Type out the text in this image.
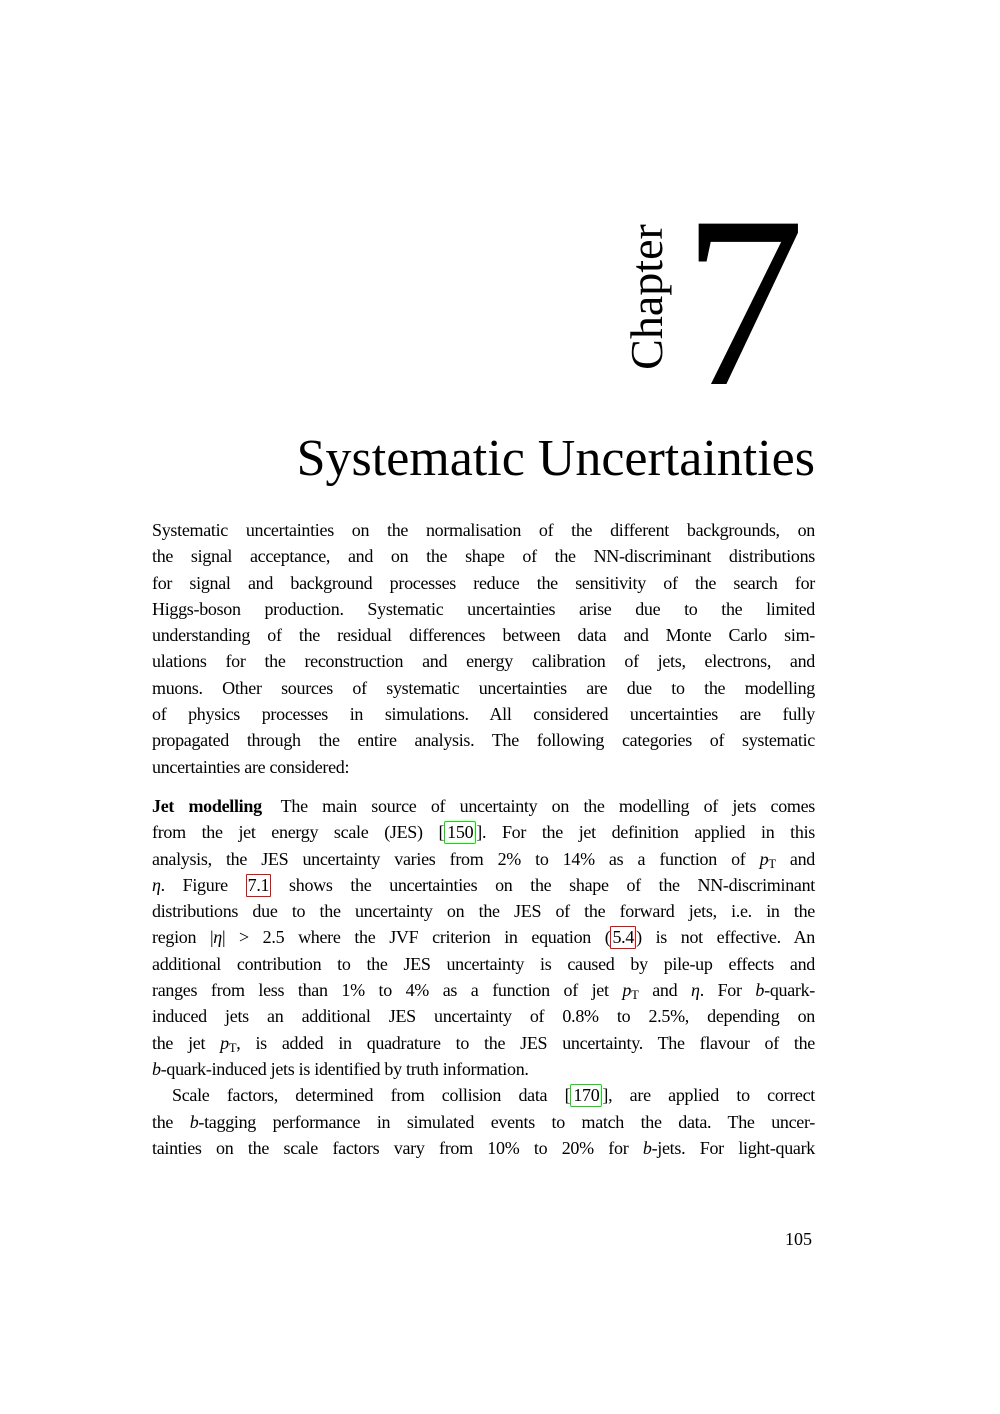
Chapter 7
Systematic Uncertainties
Systematic uncertainties on the normalisation of the different backgrounds, on
the signal acceptance, and on the shape of the NN-discriminant distributions
for signal and background processes reduce the sensitivity of the search for
Higgs-boson production. Systematic uncertainties arise due to the limited
understanding of the residual differences between data and Monte Carlo sim-
ulations for the reconstruction and energy calibration of jets, electrons, and
muons. Other sources of systematic uncertainties are due to the modelling
of physics processes in simulations. All considered uncertainties are fully
propagated through the entire analysis. The following categories of systematic
uncertainties are considered:
Jet modelling The main source of uncertainty on the modelling of jets comes
from the jet energy scale (JES) [ 150 ]. For the jet definition applied in this
analysis, the JES uncertainty varies from 2% to 14% as a function of pT and
η. Figure 7.1 shows the uncertainties on the shape of the NN-discriminant
distributions due to the uncertainty on the JES of the forward jets, i.e. in the
region |η| > 2.5 where the JVF criterion in equation ( 5.4 ) is not effective. An
additional contribution to the JES uncertainty is caused by pile-up effects and
ranges from less than 1% to 4% as a function of jet pT and η. For b-quark-
induced jets an additional JES uncertainty of 0.8% to 2.5%, depending on
the jet pT, is added in quadrature to the JES uncertainty. The flavour of the
b-quark-induced jets is identified by truth information.
Scale factors, determined from collision data [ 170 ], are applied to correct
the b-tagging performance in simulated events to match the data. The uncer-
tainties on the scale factors vary from 10% to 20% for b-jets. For light-quark
105
